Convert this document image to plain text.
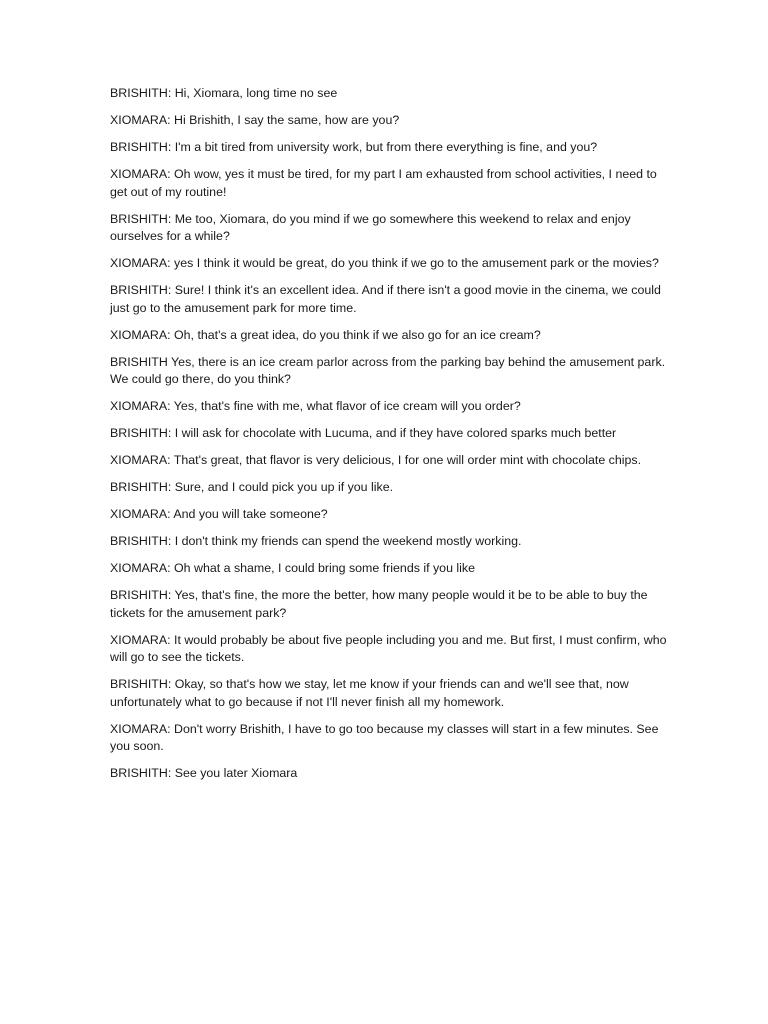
BRISHITH: Hi, Xiomara, long time no see

XIOMARA: Hi Brishith, I say the same, how are you?

BRISHITH: I'm a bit tired from university work, but from there everything is fine, and you?

XIOMARA: Oh wow, yes it must be tired, for my part I am exhausted from school activities, I need to get out of my routine!

BRISHITH: Me too, Xiomara, do you mind if we go somewhere this weekend to relax and enjoy ourselves for a while?

XIOMARA: yes I think it would be great, do you think if we go to the amusement park or the movies?

BRISHITH: Sure! I think it's an excellent idea. And if there isn't a good movie in the cinema, we could just go to the amusement park for more time.

XIOMARA: Oh, that's a great idea, do you think if we also go for an ice cream?

BRISHITH Yes, there is an ice cream parlor across from the parking bay behind the amusement park. We could go there, do you think?

XIOMARA: Yes, that's fine with me, what flavor of ice cream will you order?

BRISHITH: I will ask for chocolate with Lucuma, and if they have colored sparks much better

XIOMARA: That's great, that flavor is very delicious, I for one will order mint with chocolate chips.

BRISHITH: Sure, and I could pick you up if you like.

XIOMARA: And you will take someone?

BRISHITH: I don't think my friends can spend the weekend mostly working.

XIOMARA: Oh what a shame, I could bring some friends if you like

BRISHITH: Yes, that's fine, the more the better, how many people would it be to be able to buy the tickets for the amusement park?

XIOMARA: It would probably be about five people including you and me. But first, I must confirm, who will go to see the tickets.

BRISHITH: Okay, so that's how we stay, let me know if your friends can and we'll see that, now unfortunately what to go because if not I'll never finish all my homework.

XIOMARA: Don't worry Brishith, I have to go too because my classes will start in a few minutes. See you soon.

BRISHITH: See you later Xiomara
